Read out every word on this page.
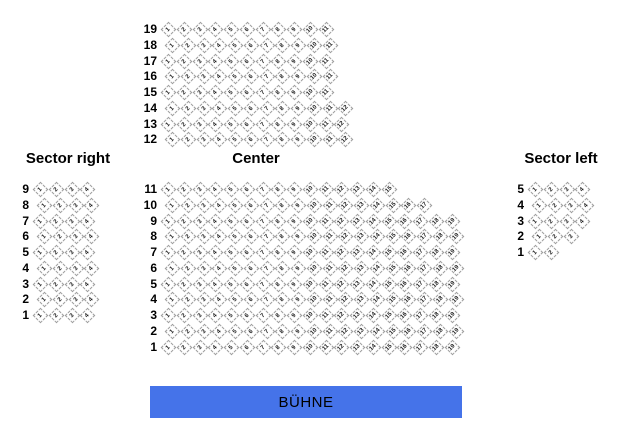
Sector right	Center	Sector left
19 1 2 3 4 5 6 7 8 9 10 11
18 1 2 3 4 5 6 7 8 9 10 11
17 1 2 3 4 5 6 7 8 9 10 11
16 1 2 3 4 5 6 7 8 9 10 11
15 1 2 3 4 5 6 7 8 9 10 11
14 1 2 3 4 5 6 7 8 9 10 11 12
13 1 2 3 4 5 6 7 8 9 10 11 12
12 1 2 3 4 5 6 7 8 9 10 11 12
9 1 2 3 4
8 1 2 3 4
7 1 2 3 4
6 1 2 3 4
5 1 2 3 4
4 1 2 3 4
3 1 2 3 4
2 1 2 3 4
1 1 2 3 4
11 1 2 3 4 5 6 7 8 9 10 11 12 13 14 15
10 1 2 3 4 5 6 7 8 9 10 11 12 13 14 15 16 17
9 1 2 3 4 5 6 7 8 9 10 11 12 13 14 15 16 17 18 19
8 1 2 3 4 5 6 7 8 9 10 11 12 13 14 15 16 17 18 19
7 1 2 3 4 5 6 7 8 9 10 11 12 13 14 15 16 17 18 19
6 1 2 3 4 5 6 7 8 9 10 11 12 13 14 15 16 17 18 19
5 1 2 3 4 5 6 7 8 9 10 11 12 13 14 15 16 17 18 19
4 1 2 3 4 5 6 7 8 9 10 11 12 13 14 15 16 17 18 19
3 1 2 3 4 5 6 7 8 9 10 11 12 13 14 15 16 17 18 19
2 1 2 3 4 5 6 7 8 9 10 11 12 13 14 15 16 17 18 19
1 1 2 3 4 5 6 7 8 9 10 11 12 13 14 15 16 17 18 19
5 1 2 3 4
4 1 2 3 4
3 1 2 3 4
2 1 2 3
1 1 2
BÜHNE
